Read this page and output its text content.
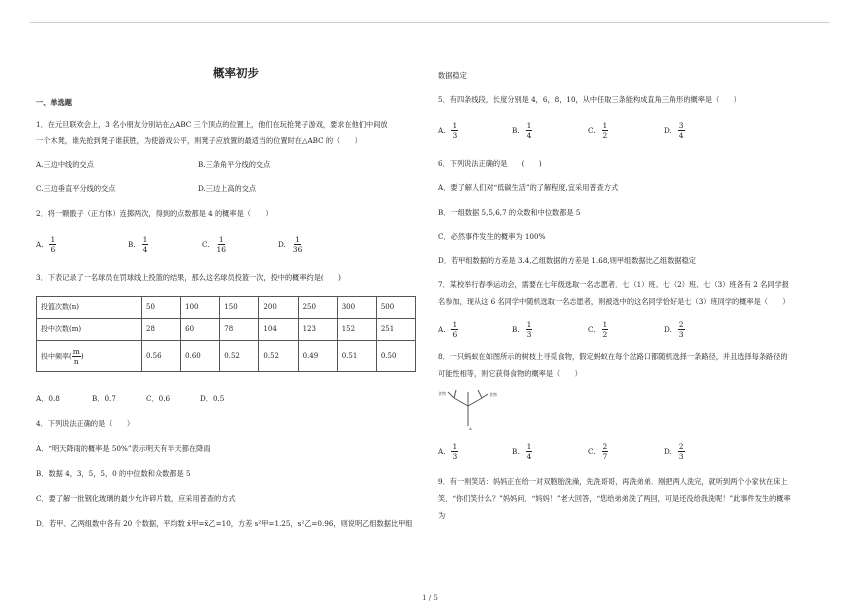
概率初步
一、单选题
1．在元旦联欢会上，3 名小朋友分别站在△ABC 三个顶点的位置上，他们在玩抢凳子游戏，要求在他们中间放
一个木凳，谁先抢到凳子谁获胜，为使游戏公平，则凳子应放置的最适当的位置时在△ABC 的（　　）
A.三边中线的交点	B.三条角平分线的交点
C.三边垂直平分线的交点	D.三边上高的交点
2．将一颗骰子（正方体）连掷两次，得到的点数都是 4 的概率是（　　）
A. $\frac{1}{6}$	B. $\frac{1}{4}$	C. $\frac{1}{16}$	D. $\frac{1}{36}$
3．下表记录了一名球员在罚球线上投篮的结果，那么这名球员投篮一次，投中的概率约是(　　)
投篮次数(n)	50	100	150	200	250	300	500
投中次数(m)	28	60	78	104	123	152	251
投中频率( $\frac{m}{n}$ )	0.56	0.60	0.52	0.52	0.49	0.51	0.50
A．0.8	B．0.7	C．0.6	D．0.5
4．下列说法正确的是（　　）
A．“明天降雨的概率是 50%”表示明天有半天都在降雨
B．数据 4，3，5，5，0 的中位数和众数都是 5
C．要了解一批钢化玻璃的最少允许碎片数，应采用普查的方式
D．若甲、乙两组数中各有 20 个数据，平均数 x̄甲=x̄乙=10，方差 s²甲=1.25，s²乙=0.96，则说明乙组数据比甲组
数据稳定
5．有四条线段，长度分别是 4，6，8，10，从中任取三条能构成直角三角形的概率是（　　）
A. $\frac{1}{3}$	B. $\frac{1}{4}$	C. $\frac{1}{2}$	D. $\frac{3}{4}$
6．下列说法正确的是　　(　　)
A．要了解人们对“低碳生活”的了解程度,宜采用普查方式
B．一组数据 5,5,6,7 的众数和中位数都是 5
C．必然事件发生的概率为 100%
D．若甲组数据的方差是 3.4,乙组数据的方差是 1.68,则甲组数据比乙组数据稳定
7．某校举行春季运动会，需要在七年级选取一名志愿者．七（1）班、七（2）班、七（3）班各有 2 名同学报
名参加，现从这 6 名同学中随机选取一名志愿者，则被选中的这名同学恰好是七（3）班同学的概率是（　　）
A. $\frac{1}{6}$	B. $\frac{1}{3}$	C. $\frac{1}{2}$	D. $\frac{2}{3}$
8．一只蚂蚁在如图所示的树枝上寻觅食物，假定蚂蚁在每个岔路口都随机选择一条路径，并且选择每条路径的
可能性相等，则它获得食物的概率是（　　）
食物	食物
A
A. $\frac{1}{3}$	B. $\frac{1}{4}$	C. $\frac{2}{7}$	D. $\frac{2}{3}$
9．有一则笑话：妈妈正在给一对双胞胎洗澡，先洗哥哥，再洗弟弟．刚把两人洗完，就听到两个小家伙在床上
笑．“你们笑什么？”妈妈问．“妈妈！”老大回答，“您给弟弟洗了两回，可是还没给我洗呢！”此事件发生的概率
为
1 / 5
